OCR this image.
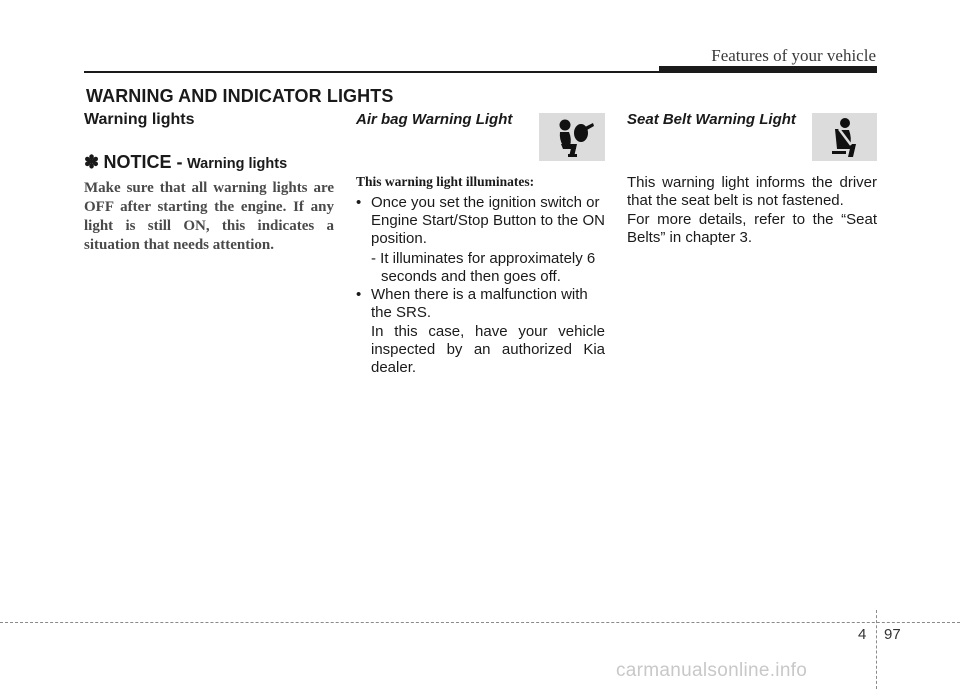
Features of your vehicle
WARNING AND INDICATOR LIGHTS
Warning lights
✽ NOTICE - Warning lights
Make sure that all warning lights are OFF after starting the engine. If any light is still ON, this indicates a situation that needs attention.
Air bag Warning Light
This warning light illuminates:
• Once you set the ignition switch or
Engine Start/Stop Button to the ON position.
- It illuminates for approximately 6
seconds and then goes off.
• When there is a malfunction with
the SRS.
In this case, have your vehicle inspected by an authorized Kia dealer.
Seat Belt Warning Light
This warning light informs the driver that the seat belt is not fastened.
For more details, refer to the “Seat Belts” in chapter 3.
4 97
carmanualsonline.info
